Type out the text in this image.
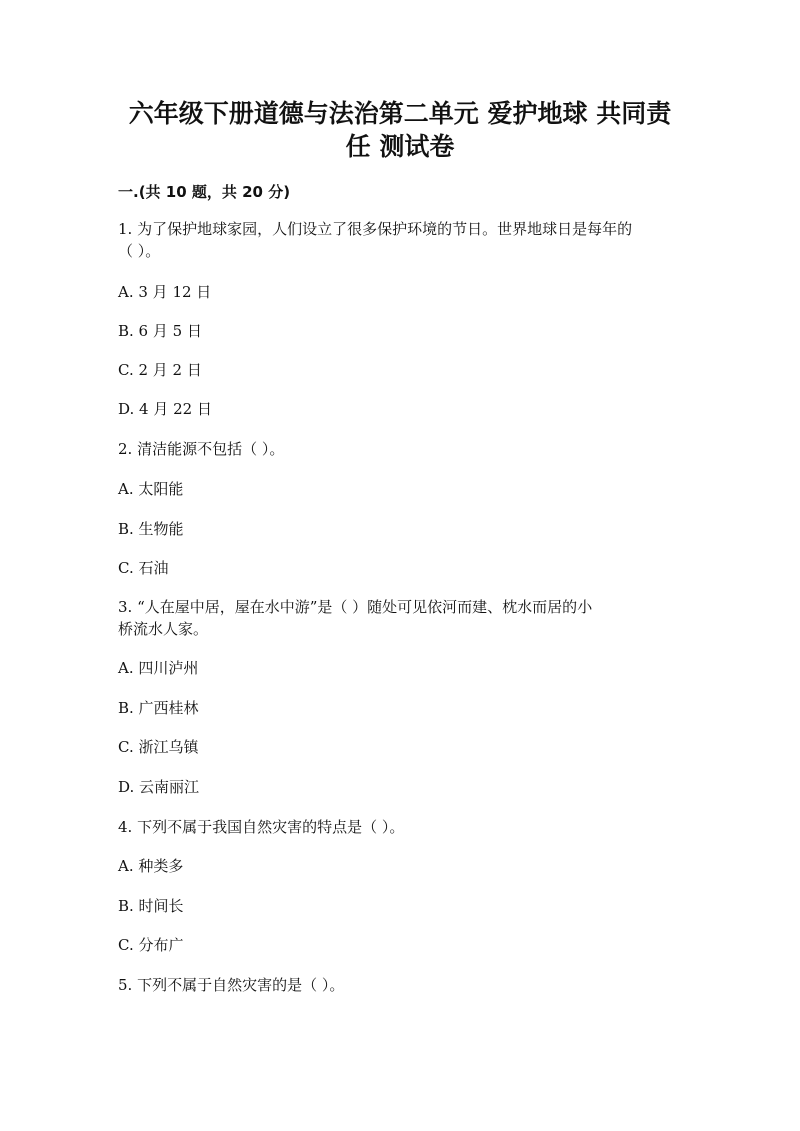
六年级下册道德与法治第二单元 爱护地球 共同责
任 测试卷
一.(共 10 题，共 20 分)
1. 为了保护地球家园，人们设立了很多保护环境的节日。世界地球日是每年的
（ ）。
A. 3 月 12 日
B. 6 月 5 日
C. 2 月 2 日
D. 4 月 22 日
2. 清洁能源不包括（ ）。
A. 太阳能
B. 生物能
C. 石油
3. “人在屋中居，屋在水中游”是（ ）随处可见依河而建、枕水而居的小
桥流水人家。
A. 四川泸州
B. 广西桂林
C. 浙江乌镇
D. 云南丽江
4. 下列不属于我国自然灾害的特点是（ ）。
A. 种类多
B. 时间长
C. 分布广
5. 下列不属于自然灾害的是（ ）。
